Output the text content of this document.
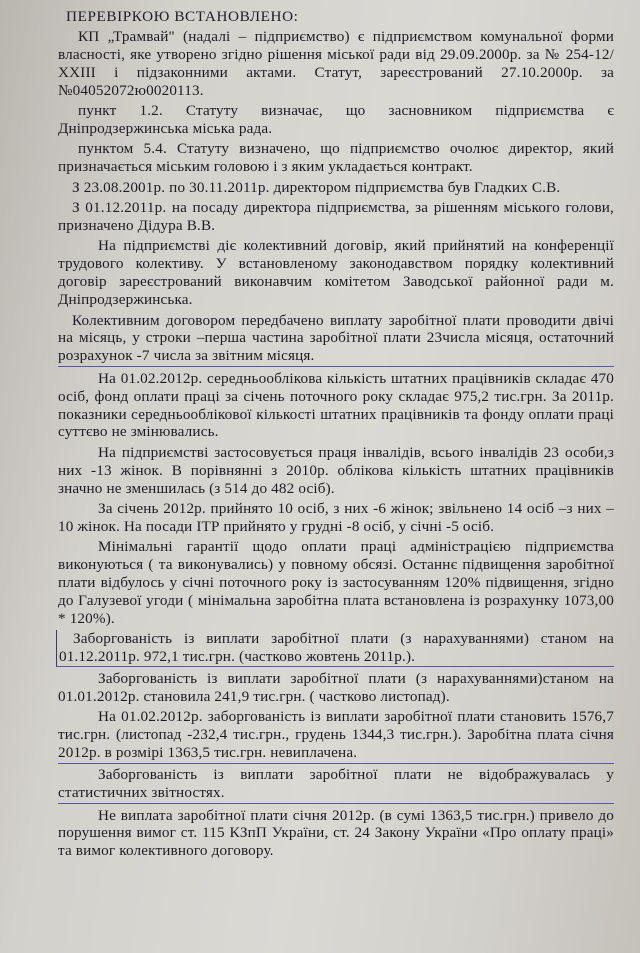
ПЕРЕВІРКОЮ ВСТАНОВЛЕНО:

КП „Трамвай" (надалі – підприємство) є підприємством комунальної форми власності, яке утворено згідно рішення міської ради від 29.09.2000р. за № 254-12/ХХІІІ і підзаконними актами. Статут, зареєстрований 27.10.2000р. за №04052072ю0020113.

пункт 1.2. Статуту визначає, що засновником підприємства є Дніпродзержинська міська рада.

пунктом 5.4. Статуту визначено, що підприємство очолює директор, який призначається міським головою і з яким укладається контракт.

З 23.08.2001р. по 30.11.2011р. директором підприємства був Гладких С.В.

З 01.12.2011р. на посаду директора підприємства, за рішенням міського голови, призначено Дідура В.В.

На підприємстві діє колективний договір, який прийнятий на конференції трудового колективу. У встановленому законодавством порядку колективний договір зареєстрований виконавчим комітетом Заводської районної ради м. Дніпродзержинська.

Колективним договором передбачено виплату заробітної плати проводити двічі на місяць, у строки –перша частина заробітної плати 23числа місяця, остаточний розрахунок -7 числа за звітним місяця.

На 01.02.2012р. середньооблікова кількість штатних працівників складає 470 осіб, фонд оплати праці за січень поточного року складає 975,2 тис.грн. За 2011р. показники середньооблікової кількості штатних працівників та фонду оплати праці суттєво не змінювались.

На підприємстві застосовується праця інвалідів, всього інвалідів 23 особи,з них -13 жінок. В порівнянні з 2010р. облікова кількість штатних працівників значно не зменшилась (з 514 до 482 осіб).

За січень 2012р. прийнято 10 осіб, з них -6 жінок; звільнено 14 осіб –з них – 10 жінок. На посади ІТР прийнято у грудні -8 осіб, у січні -5 осіб.

Мінімальні гарантії щодо оплати праці адміністрацією підприємства виконуються ( та виконувались) у повному обсязі. Останнє підвищення заробітної плати відбулось у січні поточного року із застосуванням 120% підвищення, згідно до Галузевої угоди ( мінімальна заробітна плата встановлена із розрахунку 1073,00 * 120%).

Заборгованість із виплати заробітної плати (з нарахуваннями) станом на 01.12.2011р. 972,1 тис.грн. (частково жовтень 2011р.).

Заборгованість із виплати заробітної плати (з нарахуваннями)станом на 01.01.2012р. становила 241,9 тис.грн. ( частково листопад).

На 01.02.2012р. заборгованість із виплати заробітної плати становить 1576,7 тис.грн. (листопад -232,4 тис.грн., грудень 1344,3 тис.грн.). Заробітна плата січня 2012р. в розмірі 1363,5 тис.грн. невиплачена.

Заборгованість із виплати заробітної плати не відображувалась у статистичних звітностях.

Не виплата заробітної плати січня 2012р. (в сумі 1363,5 тис.грн.) привело до порушення вимог ст. 115 КЗпП України, ст. 24 Закону України «Про оплату праці» та вимог колективного договору.
